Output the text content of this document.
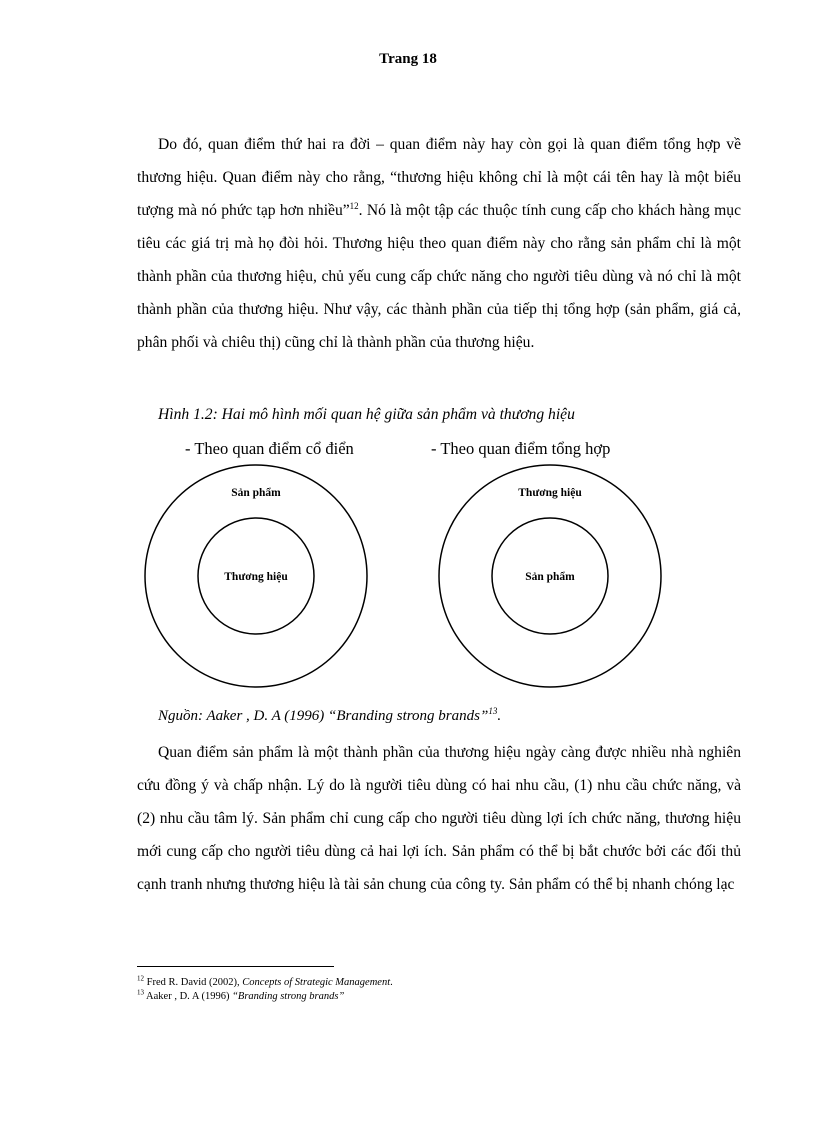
Trang 18

Do đó, quan điểm thứ hai ra đời – quan điểm này hay còn gọi là quan điểm tổng hợp về thương hiệu. Quan điểm này cho rằng, “thương hiệu không chỉ là một cái tên hay là một biểu tượng mà nó phức tạp hơn nhiều”$^{12}$. Nó là một tập các thuộc tính cung cấp cho khách hàng mục tiêu các giá trị mà họ đòi hỏi. Thương hiệu theo quan điểm này cho rằng sản phẩm chỉ là một thành phần của thương hiệu, chủ yếu cung cấp chức năng cho người tiêu dùng và nó chỉ là một thành phần của thương hiệu. Như vậy, các thành phần của tiếp thị tổng hợp (sản phẩm, giá cả, phân phối và chiêu thị) cũng chỉ là thành phần của thương hiệu.

Hình 1.2: Hai mô hình mối quan hệ giữa sản phẩm và thương hiệu
- Theo quan điểm cổ điển	- Theo quan điểm tổng hợp
Sản phẩm
Thương hiệu
Thương hiệu
Sản phẩm
Nguồn: Aaker , D. A (1996) “Branding strong brands”$^{13}$.

Quan điểm sản phẩm là một thành phần của thương hiệu ngày càng được nhiều nhà nghiên cứu đồng ý và chấp nhận. Lý do là người tiêu dùng có hai nhu cầu, (1) nhu cầu chức năng, và (2) nhu cầu tâm lý. Sản phẩm chỉ cung cấp cho người tiêu dùng lợi ích chức năng, thương hiệu mới cung cấp cho người tiêu dùng cả hai lợi ích. Sản phẩm có thể bị bắt chước bởi các đối thủ cạnh tranh nhưng thương hiệu là tài sản chung của công ty. Sản phẩm có thể bị nhanh chóng lạc

$^{12}$ Fred R. David (2002), Concepts of Strategic Management.
$^{13}$ Aaker , D. A (1996) “Branding strong brands”
